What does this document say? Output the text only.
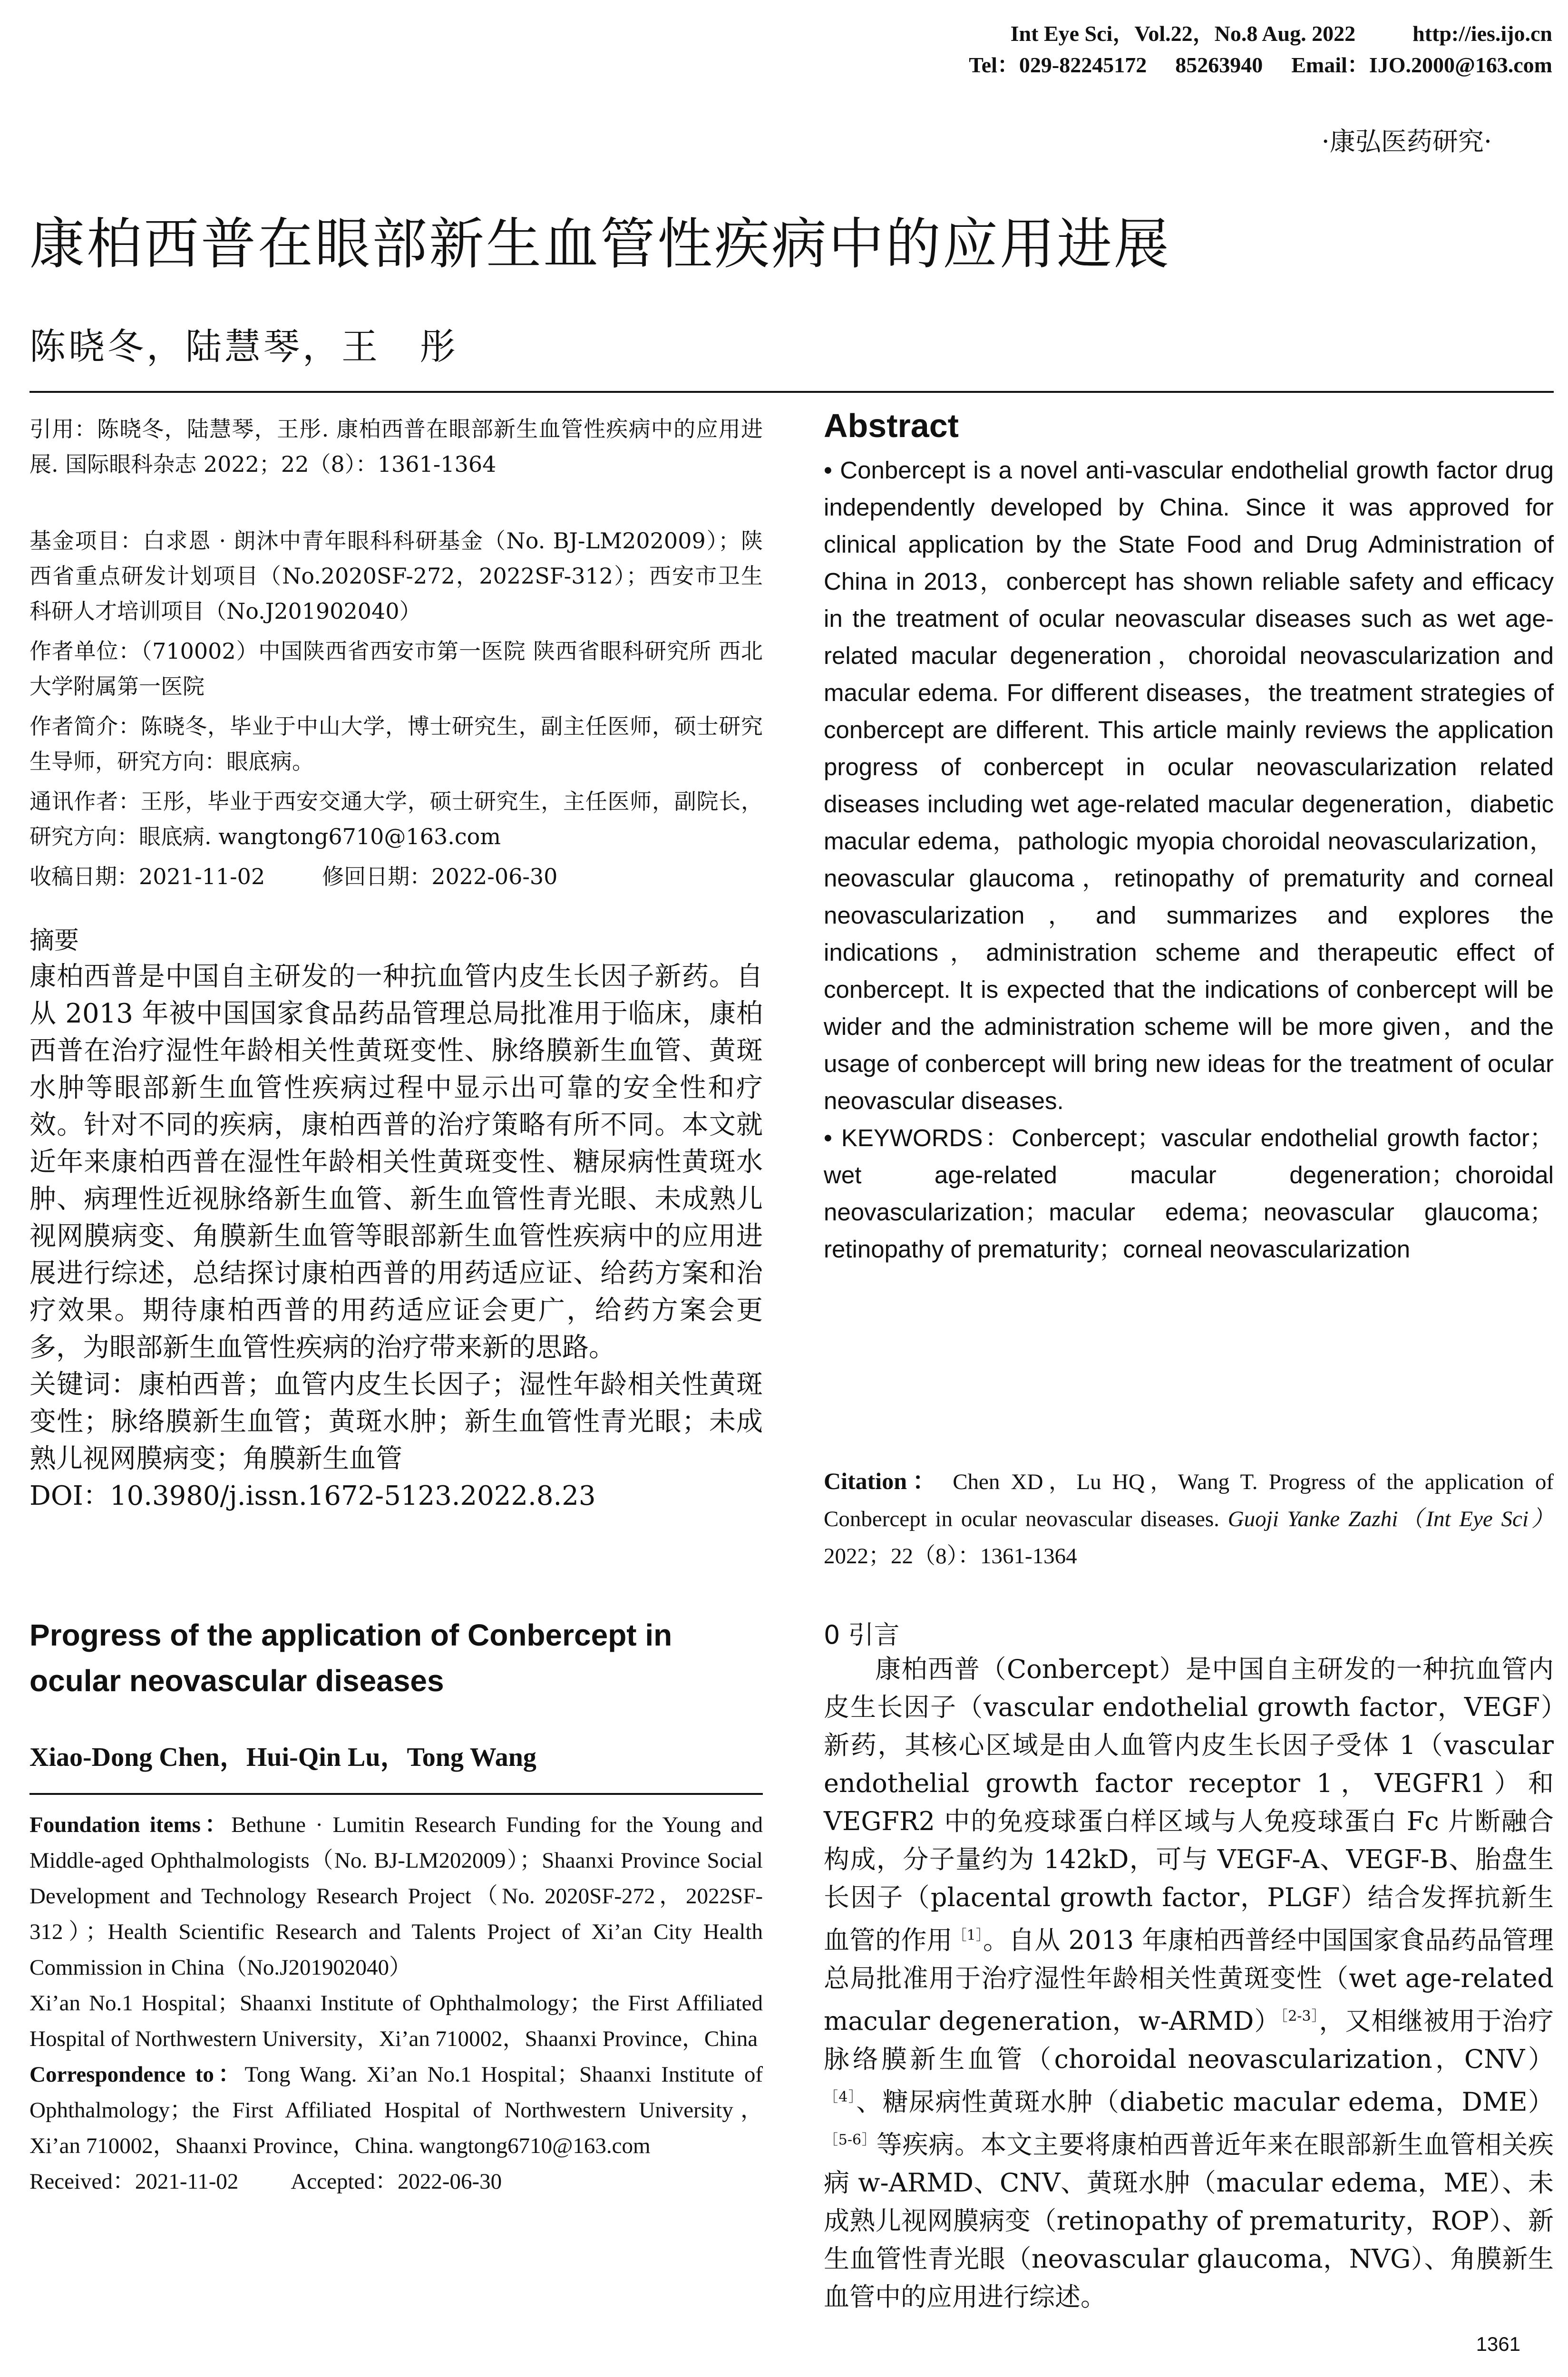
Int Eye Sci，Vol.22，No.8 Aug. 2022	http://ies.ijo.cn
Tel：029-82245172 85263940 Email：IJO.2000@163.com
·康弘医药研究·
康柏西普在眼部新生血管性疾病中的应用进展
陈晓冬，陆慧琴，王　彤

引用：陈晓冬，陆慧琴，王彤. 康柏西普在眼部新生血管性疾病中的应用进展. 国际眼科杂志 2022；22（8）：1361-1364

基金项目：白求恩 · 朗沐中青年眼科科研基金（No. BJ-LM202009）；陕西省重点研发计划项目（No.2020SF-272，2022SF-312）；西安市卫生科研人才培训项目（No.J201902040）

作者单位：（710002）中国陕西省西安市第一医院 陕西省眼科研究所 西北大学附属第一医院

作者简介：陈晓冬，毕业于中山大学，博士研究生，副主任医师，硕士研究生导师，研究方向：眼底病。

通讯作者：王彤，毕业于西安交通大学，硕士研究生，主任医师，副院长，研究方向：眼底病. wangtong6710@163.com

收稿日期：2021-11-02	修回日期：2022-06-30

摘要
康柏西普是中国自主研发的一种抗血管内皮生长因子新药。自从 2013 年被中国国家食品药品管理总局批准用于临床，康柏西普在治疗湿性年龄相关性黄斑变性、脉络膜新生血管、黄斑水肿等眼部新生血管性疾病过程中显示出可靠的安全性和疗效。针对不同的疾病，康柏西普的治疗策略有所不同。本文就近年来康柏西普在湿性年龄相关性黄斑变性、糖尿病性黄斑水肿、病理性近视脉络新生血管、新生血管性青光眼、未成熟儿视网膜病变、角膜新生血管等眼部新生血管性疾病中的应用进展进行综述，总结探讨康柏西普的用药适应证、给药方案和治疗效果。期待康柏西普的用药适应证会更广，给药方案会更多，为眼部新生血管性疾病的治疗带来新的思路。
关键词：康柏西普；血管内皮生长因子；湿性年龄相关性黄斑变性；脉络膜新生血管；黄斑水肿；新生血管性青光眼；未成熟儿视网膜病变；角膜新生血管
DOI：10.3980/j.issn.1672-5123.2022.8.23
Progress of the application of Conbercept in ocular neovascular diseases
Xiao-Dong Chen，Hui-Qin Lu，Tong Wang

Foundation items：Bethune · Lumitin Research Funding for the Young and Middle-aged Ophthalmologists（No. BJ-LM202009）；Shaanxi Province Social Development and Technology Research Project（No. 2020SF-272，2022SF-312）；Health Scientific Research and Talents Project of Xi’an City Health Commission in China（No.J201902040）

Xi’an No.1 Hospital；Shaanxi Institute of Ophthalmology；the First Affiliated Hospital of Northwestern University，Xi’an 710002，Shaanxi Province，China

Correspondence to：Tong Wang. Xi’an No.1 Hospital；Shaanxi Institute of Ophthalmology；the First Affiliated Hospital of Northwestern University，Xi’an 710002，Shaanxi Province，China. wangtong6710@163.com

Received：2021-11-02 Accepted：2022-06-30

Abstract

• Conbercept is a novel anti-vascular endothelial growth factor drug independently developed by China. Since it was approved for clinical application by the State Food and Drug Administration of China in 2013，conbercept has shown reliable safety and efficacy in the treatment of ocular neovascular diseases such as wet age-related macular degeneration，choroidal neovascularization and macular edema. For different diseases，the treatment strategies of conbercept are different. This article mainly reviews the application progress of conbercept in ocular neovascularization related diseases including wet age-related macular degeneration，diabetic macular edema，pathologic myopia choroidal neovascularization，neovascular glaucoma，retinopathy of prematurity and corneal neovascularization，and summarizes and explores the indications，administration scheme and therapeutic effect of conbercept. It is expected that the indications of conbercept will be wider and the administration scheme will be more given，and the usage of conbercept will bring new ideas for the treatment of ocular neovascular diseases.

• KEYWORDS：Conbercept；vascular endothelial growth factor；wet age-related macular degeneration；choroidal neovascularization；macular edema；neovascular glaucoma；retinopathy of prematurity；corneal neovascularization

Citation： Chen XD，Lu HQ，Wang T. Progress of the application of Conbercept in ocular neovascular diseases. Guoji Yanke Zazhi（Int Eye Sci） 2022；22（8）：1361-1364
0 引言
康柏西普（Conbercept）是中国自主研发的一种抗血管内皮生长因子（vascular endothelial growth factor，VEGF）新药，其核心区域是由人血管内皮生长因子受体 1（vascular endothelial growth factor receptor 1，VEGFR1）和 VEGFR2 中的免疫球蛋白样区域与人免疫球蛋白 Fc 片断融合构成，分子量约为 142kD，可与 VEGF-A、VEGF-B、胎盘生长因子（placental growth factor，PLGF）结合发挥抗新生血管的作用$^{[1]}$。自从 2013 年康柏西普经中国国家食品药品管理总局批准用于治疗湿性年龄相关性黄斑变性（wet age-related macular degeneration，w-ARMD）$^{[2-3]}$，又相继被用于治疗脉络膜新生血管（choroidal neovascularization，CNV）$^{[4]}$、糖尿病性黄斑水肿（diabetic macular edema，DME）$^{[5-6]}$等疾病。本文主要将康柏西普近年来在眼部新生血管相关疾病 w-ARMD、CNV、黄斑水肿（macular edema，ME）、未成熟儿视网膜病变（retinopathy of prematurity，ROP）、新生血管性青光眼（neovascular glaucoma，NVG）、角膜新生血管中的应用进行综述。
1361
